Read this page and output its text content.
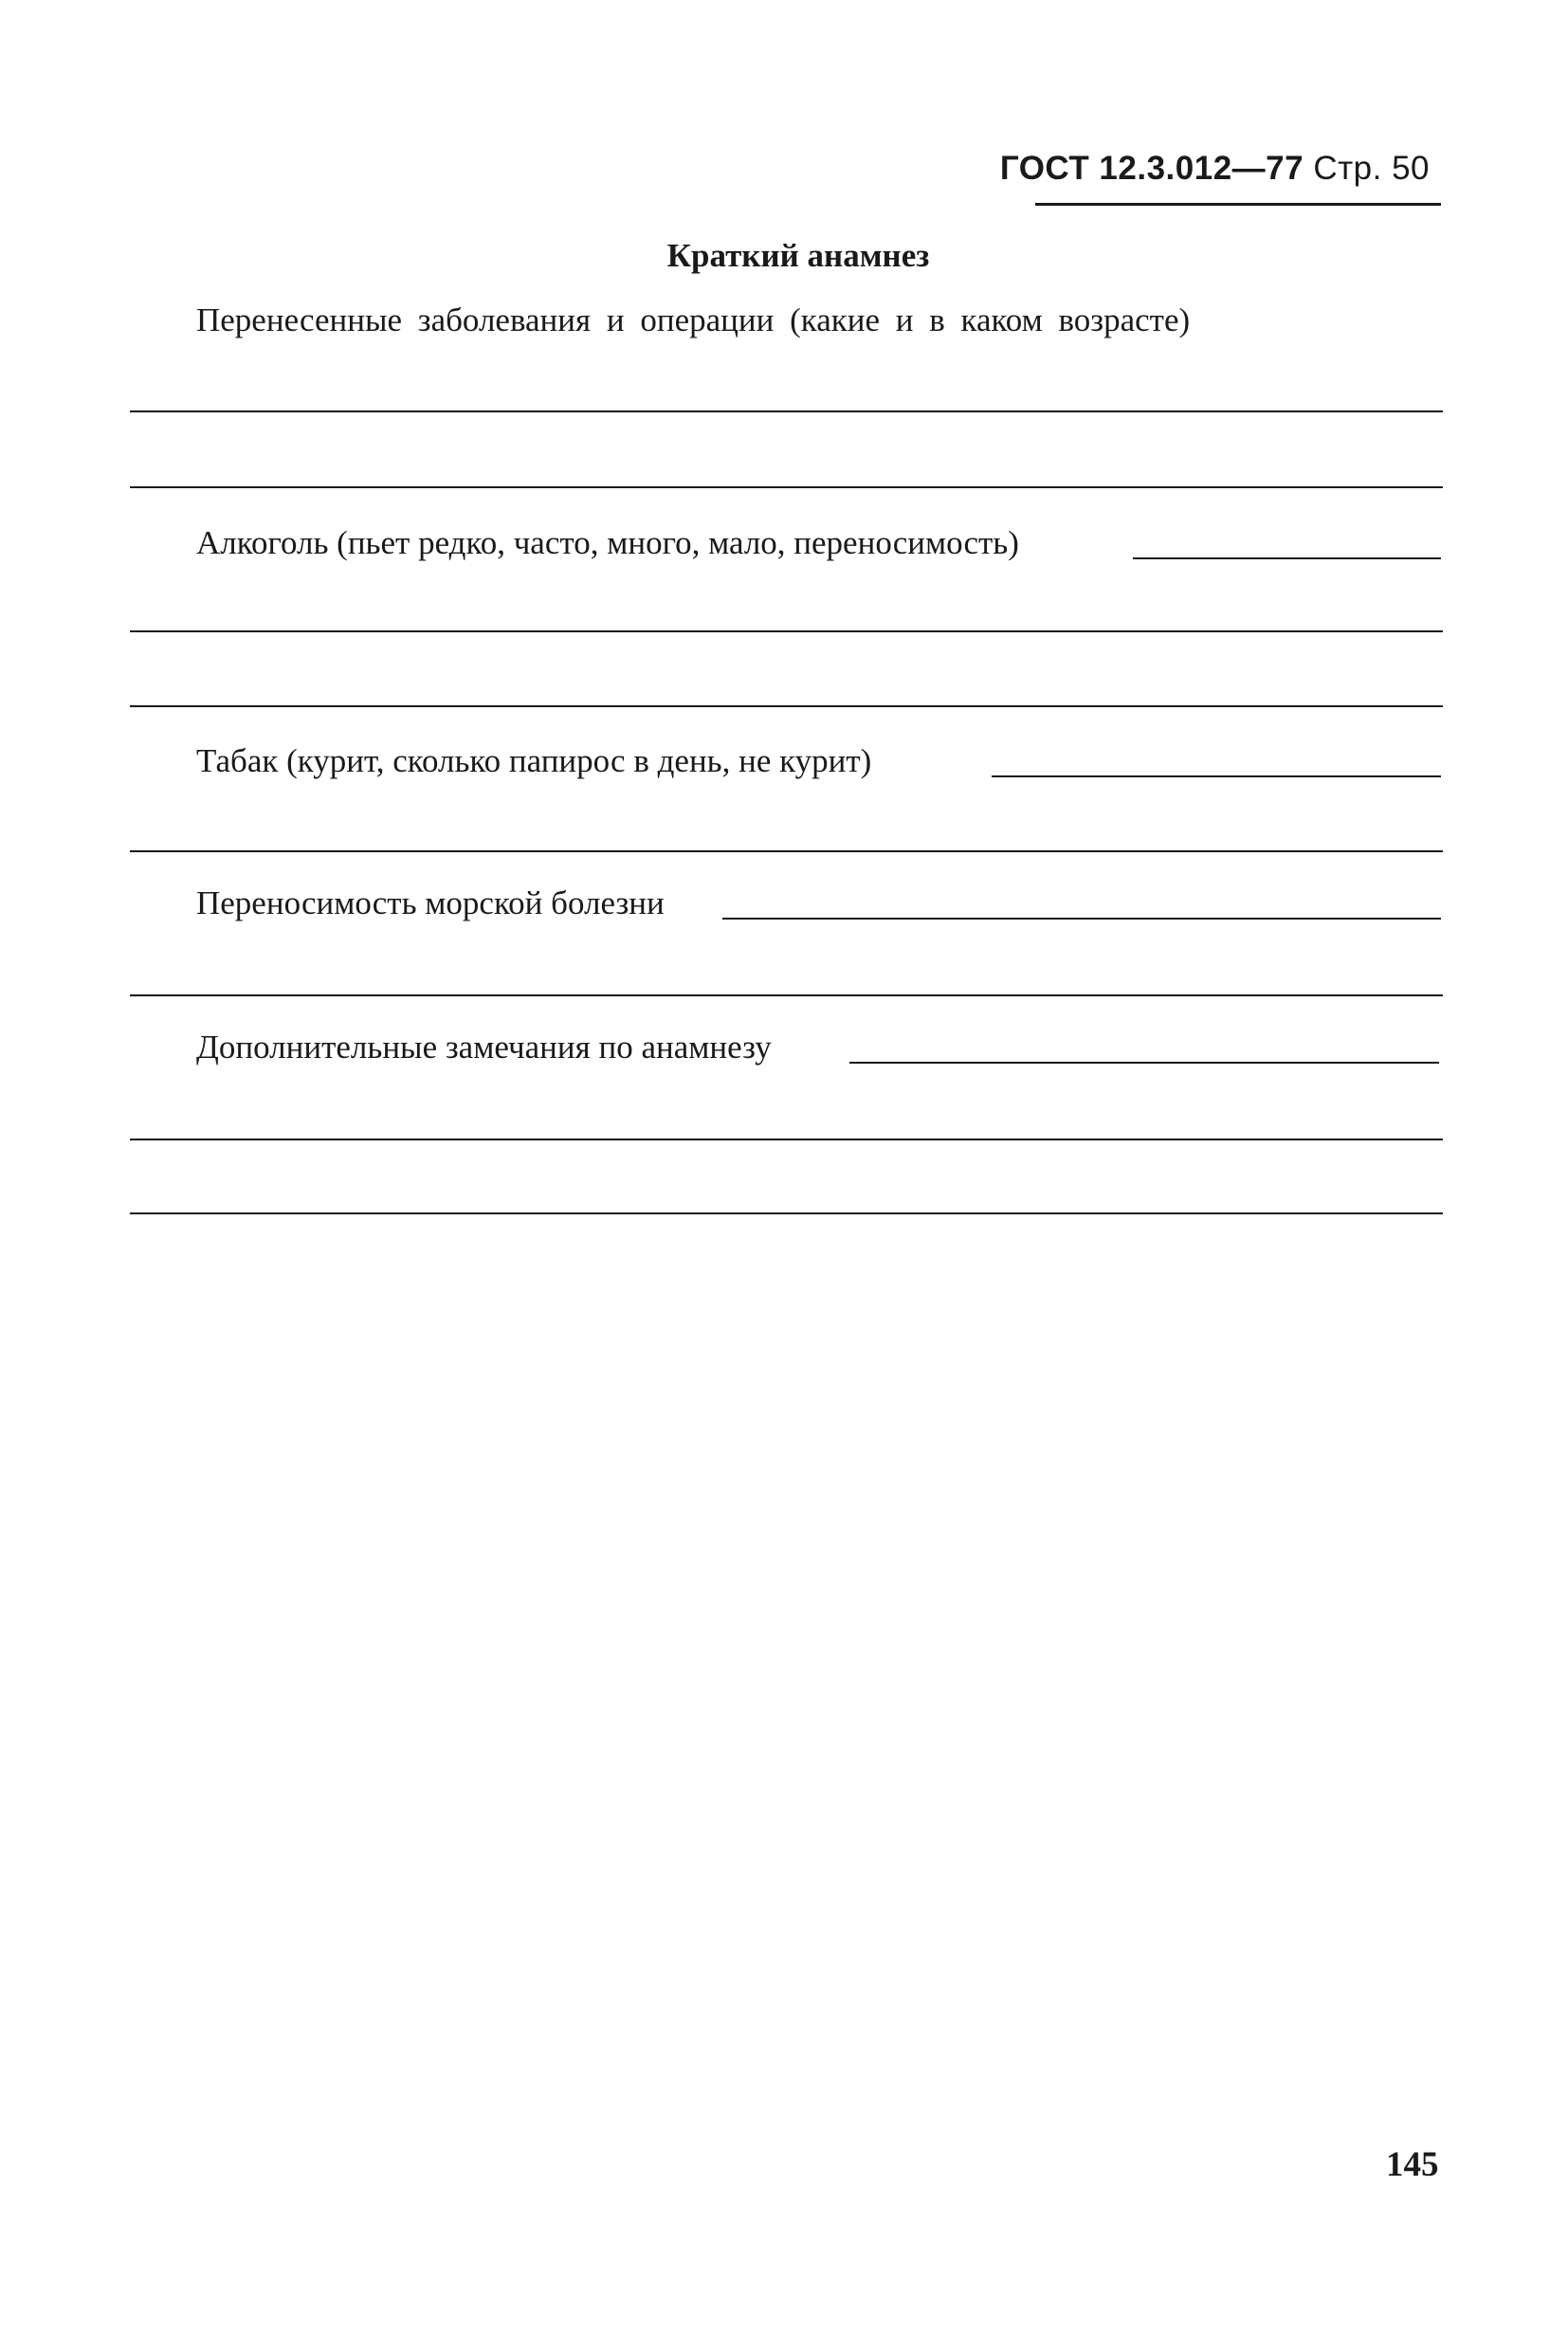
ГОСТ 12.3.012—77 Стр. 50
Краткий анамнез
Перенесенные заболевания и операции (какие и в каком возрасте)
Алкоголь (пьет редко, часто, много, мало, переносимость)
Табак (курит, сколько папирос в день, не курит)
Переносимость морской болезни
Дополнительные замечания по анамнезу
145
